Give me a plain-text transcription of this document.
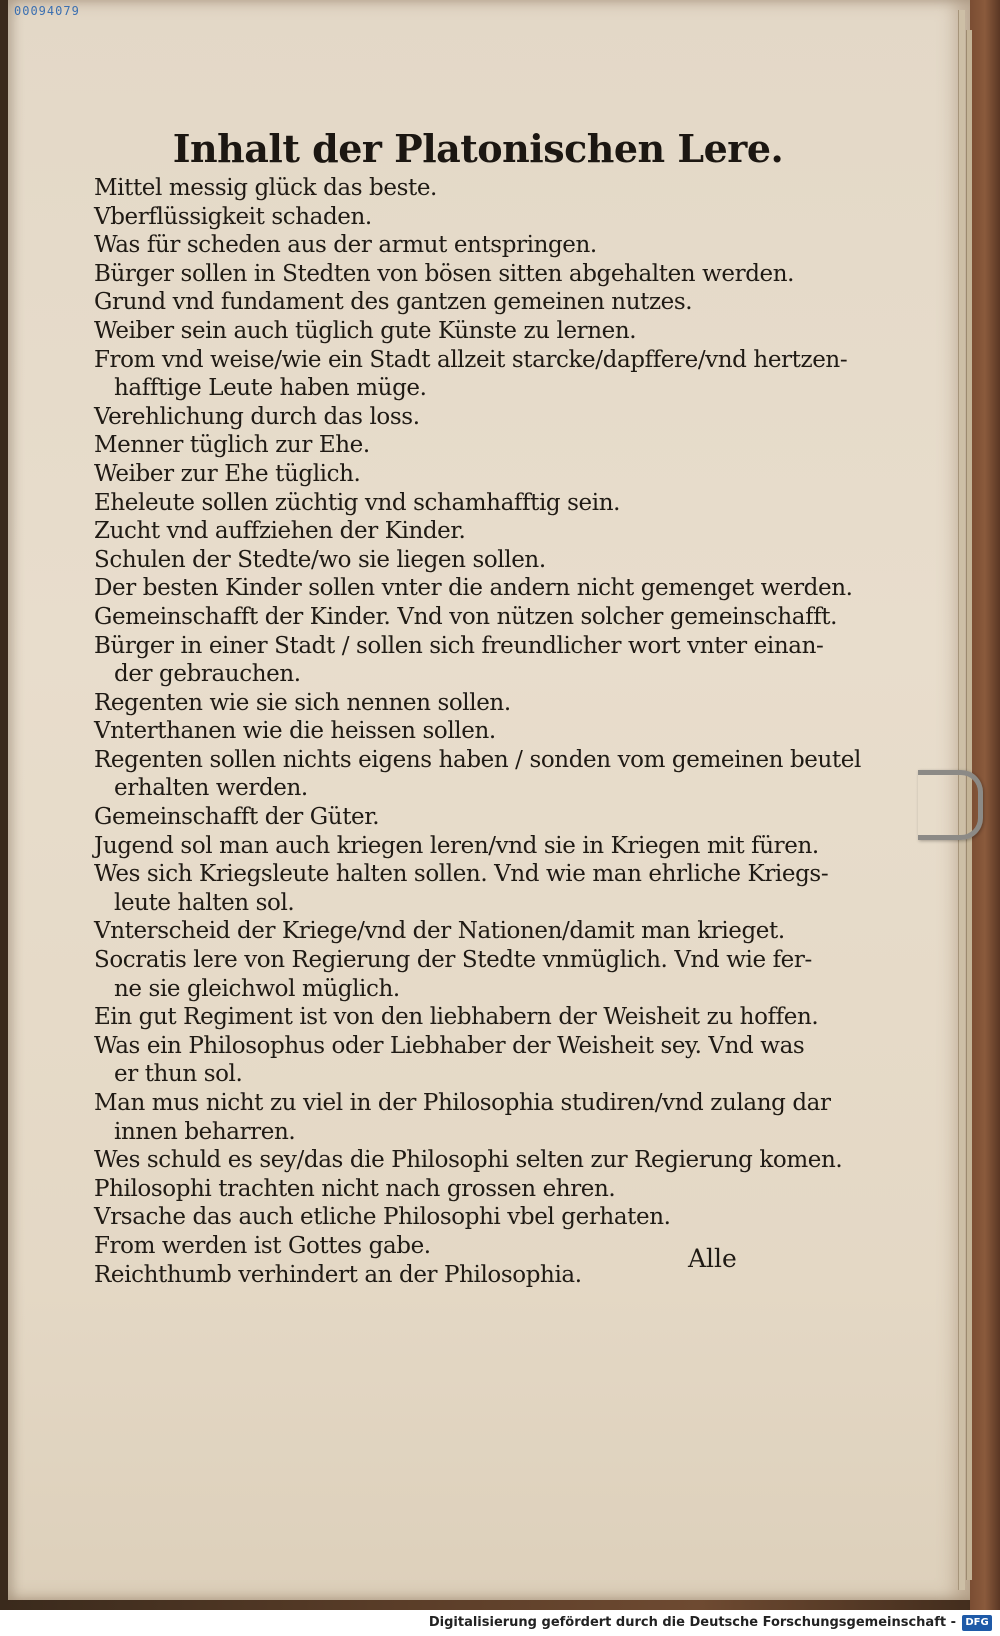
00094079
Inhalt der Platonischen Lere.
Mittel messig glück das beste.
Vberflüssigkeit schaden.
Was für scheden aus der armut entspringen.
Bürger sollen in Stedten von bösen sitten abgehalten werden.
Grund vnd fundament des gantzen gemeinen nutzes.
Weiber sein auch tüglich gute Künste zu lernen.
From vnd weise/wie ein Stadt allzeit starcke/dapffere/vnd hertzen-
hafftige Leute haben müge.
Verehlichung durch das loss.
Menner tüglich zur Ehe.
Weiber zur Ehe tüglich.
Eheleute sollen züchtig vnd schamhafftig sein.
Zucht vnd auffziehen der Kinder.
Schulen der Stedte/wo sie liegen sollen.
Der besten Kinder sollen vnter die andern nicht gemenget werden.
Gemeinschafft der Kinder. Vnd von nützen solcher gemeinschafft.
Bürger in einer Stadt / sollen sich freundlicher wort vnter einan-
der gebrauchen.
Regenten wie sie sich nennen sollen.
Vnterthanen wie die heissen sollen.
Regenten sollen nichts eigens haben / sonden vom gemeinen beutel
erhalten werden.
Gemeinschafft der Güter.
Jugend sol man auch kriegen leren/vnd sie in Kriegen mit füren.
Wes sich Kriegsleute halten sollen. Vnd wie man ehrliche Kriegs-
leute halten sol.
Vnterscheid der Kriege/vnd der Nationen/damit man krieget.
Socratis lere von Regierung der Stedte vnmüglich. Vnd wie fer-
ne sie gleichwol müglich.
Ein gut Regiment ist von den liebhabern der Weisheit zu hoffen.
Was ein Philosophus oder Liebhaber der Weisheit sey. Vnd was
er thun sol.
Man mus nicht zu viel in der Philosophia studiren/vnd zulang dar
innen beharren.
Wes schuld es sey/das die Philosophi selten zur Regierung komen.
Philosophi trachten nicht nach grossen ehren.
Vrsache das auch etliche Philosophi vbel gerhaten.
From werden ist Gottes gabe.
Reichthumb verhindert an der Philosophia.
Alle
Digitalisierung gefördert durch die Deutsche Forschungsgemeinschaft - DFG
